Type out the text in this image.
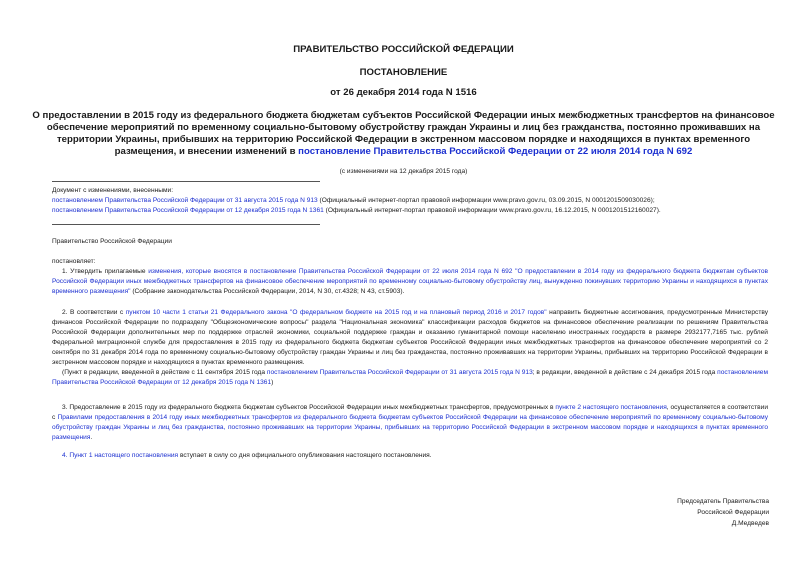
ПРАВИТЕЛЬСТВО РОССИЙСКОЙ ФЕДЕРАЦИИ
ПОСТАНОВЛЕНИЕ
от 26 декабря 2014 года N 1516
О предоставлении в 2015 году из федерального бюджета бюджетам субъектов Российской Федерации иных межбюджетных трансфертов на финансовое обеспечение мероприятий по временному социально-бытовому обустройству граждан Украины и лиц без гражданства, постоянно проживавших на территории Украины, прибывших на территорию Российской Федерации в экстренном массовом порядке и находящихся в пунктах временного размещения, и внесении изменений в постановление Правительства Российской Федерации от 22 июля 2014 года N 692
(с изменениями на 12 декабря 2015 года)
Документ с изменениями, внесенными:
постановлением Правительства Российской Федерации от 31 августа 2015 года N 913 (Официальный интернет-портал правовой информации www.pravo.gov.ru, 03.09.2015, N 0001201509030026);
постановлением Правительства Российской Федерации от 12 декабря 2015 года N 1361 (Официальный интернет-портал правовой информации www.pravo.gov.ru, 16.12.2015, N 0001201512160027).
Правительство Российской Федерации
постановляет:
1. Утвердить прилагаемые изменения, которые вносятся в постановление Правительства Российской Федерации от 22 июля 2014 года N 692 "О предоставлении в 2014 году из федерального бюджета бюджетам субъектов Российской Федерации иных межбюджетных трансфертов на финансовое обеспечение мероприятий по временному социально-бытовому обустройству лиц, вынужденно покинувших территорию Украины и находящихся в пунктах временного размещения" (Собрание законодательства Российской Федерации, 2014, N 30, ст.4328; N 43, ст.5903).
2. В соответствии с пунктом 10 части 1 статьи 21 Федерального закона "О федеральном бюджете на 2015 год и на плановый период 2016 и 2017 годов" направить бюджетные ассигнования, предусмотренные Министерству финансов Российской Федерации по подразделу "Общеэкономические вопросы" раздела "Национальная экономика" классификации расходов бюджетов на финансовое обеспечение реализации по решениям Правительства Российской Федерации дополнительных мер по поддержке отраслей экономики, социальной поддержке граждан и оказанию гуманитарной помощи населению иностранных государств в размере 2932177,7165 тыс. рублей Федеральной миграционной службе для предоставления в 2015 году из федерального бюджета бюджетам субъектов Российской Федерации иных межбюджетных трансфертов на финансовое обеспечение мероприятий со 2 сентября по 31 декабря 2014 года по временному социально-бытовому обустройству граждан Украины и лиц без гражданства, постоянно проживавших на территории Украины, прибывших на территорию Российской Федерации в экстренном массовом порядке и находящихся в пунктах временного размещения.
(Пункт в редакции, введенной в действие с 11 сентября 2015 года постановлением Правительства Российской Федерации от 31 августа 2015 года N 913; в редакции, введенной в действие с 24 декабря 2015 года постановлением Правительства Российской Федерации от 12 декабря 2015 года N 1361)
3. Предоставление в 2015 году из федерального бюджета бюджетам субъектов Российской Федерации иных межбюджетных трансфертов, предусмотренных в пункте 2 настоящего постановления, осуществляется в соответствии с Правилами предоставления в 2014 году иных межбюджетных трансфертов из федерального бюджета бюджетам субъектов Российской Федерации на финансовое обеспечение мероприятий по временному социально-бытовому обустройству граждан Украины и лиц без гражданства, постоянно проживавших на территории Украины, прибывших на территорию Российской Федерации в экстренном массовом порядке и находящихся в пунктах временного размещения.
4. Пункт 1 настоящего постановления вступает в силу со дня официального опубликования настоящего постановления.
Председатель Правительства
Российской Федерации
Д.Медведев
